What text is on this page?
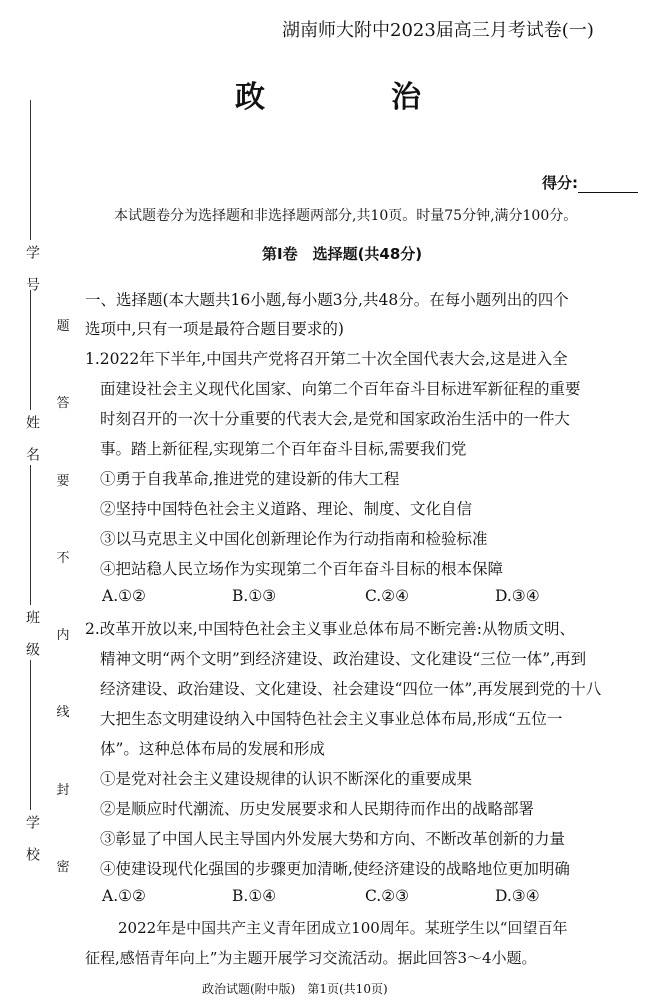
学　号
姓　名
班　级
学　校
题
答
要
不
内
线
封
密
湖南师大附中2023届高三月考试卷(一)
政　治
得分:
本试题卷分为选择题和非选择题两部分,共10页。时量75分钟,满分100分。
第Ⅰ卷　选择题(共48分)
一、选择题(本大题共16小题,每小题3分,共48分。在每小题列出的四个
选项中,只有一项是最符合题目要求的)
1.2022年下半年,中国共产党将召开第二十次全国代表大会,这是进入全
面建设社会主义现代化国家、向第二个百年奋斗目标进军新征程的重要
时刻召开的一次十分重要的代表大会,是党和国家政治生活中的一件大
事。踏上新征程,实现第二个百年奋斗目标,需要我们党
①勇于自我革命,推进党的建设新的伟大工程
②坚持中国特色社会主义道路、理论、制度、文化自信
③以马克思主义中国化创新理论作为行动指南和检验标准
④把站稳人民立场作为实现第二个百年奋斗目标的根本保障
A.①②	B.①③	C.②④	D.③④
2.改革开放以来,中国特色社会主义事业总体布局不断完善:从物质文明、
精神文明“两个文明”到经济建设、政治建设、文化建设“三位一体”,再到
经济建设、政治建设、文化建设、社会建设“四位一体”,再发展到党的十八
大把生态文明建设纳入中国特色社会主义事业总体布局,形成“五位一
体”。这种总体布局的发展和形成
①是党对社会主义建设规律的认识不断深化的重要成果
②是顺应时代潮流、历史发展要求和人民期待而作出的战略部署
③彰显了中国人民主导国内外发展大势和方向、不断改革创新的力量
④使建设现代化强国的步骤更加清晰,使经济建设的战略地位更加明确
A.①②	B.①④	C.②③	D.③④
2022年是中国共产主义青年团成立100周年。某班学生以“回望百年
征程,感悟青年向上”为主题开展学习交流活动。据此回答3～4小题。
政治试题(附中版)　第1页(共10页)
